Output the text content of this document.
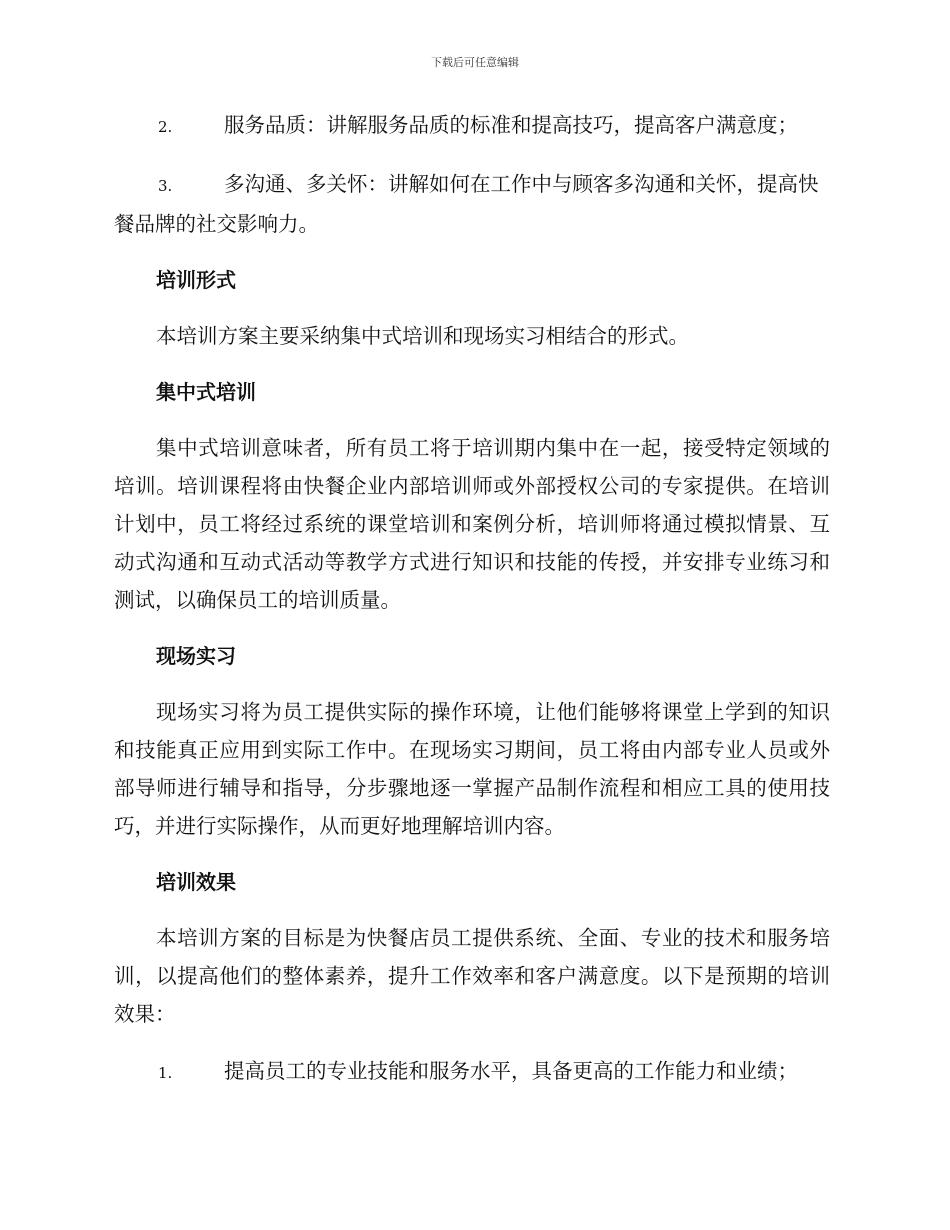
下载后可任意编辑

2.	服务品质：讲解服务品质的标准和提高技巧，提高客户满意度；

3.	多沟通、多关怀：讲解如何在工作中与顾客多沟通和关怀，提高快餐品牌的社交影响力。

培训形式

本培训方案主要采纳集中式培训和现场实习相结合的形式。

集中式培训

集中式培训意味者，所有员工将于培训期内集中在一起，接受特定领域的培训。培训课程将由快餐企业内部培训师或外部授权公司的专家提供。在培训计划中，员工将经过系统的课堂培训和案例分析，培训师将通过模拟情景、互动式沟通和互动式活动等教学方式进行知识和技能的传授，并安排专业练习和测试，以确保员工的培训质量。

现场实习

现场实习将为员工提供实际的操作环境，让他们能够将课堂上学到的知识和技能真正应用到实际工作中。在现场实习期间，员工将由内部专业人员或外部导师进行辅导和指导，分步骤地逐一掌握产品制作流程和相应工具的使用技巧，并进行实际操作，从而更好地理解培训内容。

培训效果

本培训方案的目标是为快餐店员工提供系统、全面、专业的技术和服务培训，以提高他们的整体素养，提升工作效率和客户满意度。以下是预期的培训效果：

1.	提高员工的专业技能和服务水平，具备更高的工作能力和业绩；
